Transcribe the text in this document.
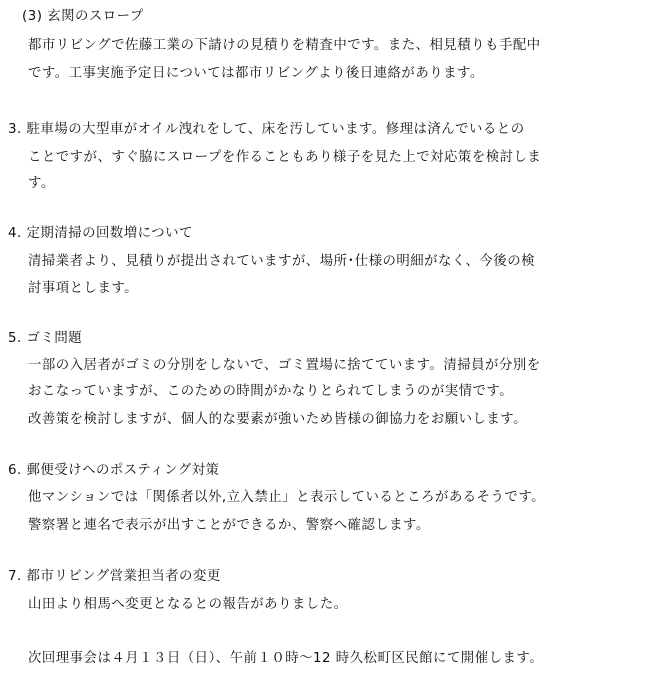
(3) 玄関のスロープ
都市リビングで佐藤工業の下請けの見積りを精査中です。また、相見積りも手配中
です。工事実施予定日については都市リビングより後日連絡があります。
3. 駐車場の大型車がオイル洩れをして、床を汚しています。修理は済んでいるとの
ことですが、すぐ脇にスロープを作ることもあり様子を見た上で対応策を検討しま
す。
4. 定期清掃の回数増について
清掃業者より、見積りが提出されていますが、場所･仕様の明細がなく、今後の検
討事項とします。
5. ゴミ問題
一部の入居者がゴミの分別をしないで、ゴミ置場に捨てています。清掃員が分別を
おこなっていますが、このための時間がかなりとられてしまうのが実情です。
改善策を検討しますが、個人的な要素が強いため皆様の御協力をお願いします。
6. 郵便受けへのポスティング対策
他マンションでは「関係者以外,立入禁止」と表示しているところがあるそうです。
警察署と連名で表示が出すことができるか、警察へ確認します。
7. 都市リビング営業担当者の変更
山田より相馬へ変更となるとの報告がありました。
次回理事会は４月１３日（日）、午前１０時～12 時久松町区民館にて開催します。
